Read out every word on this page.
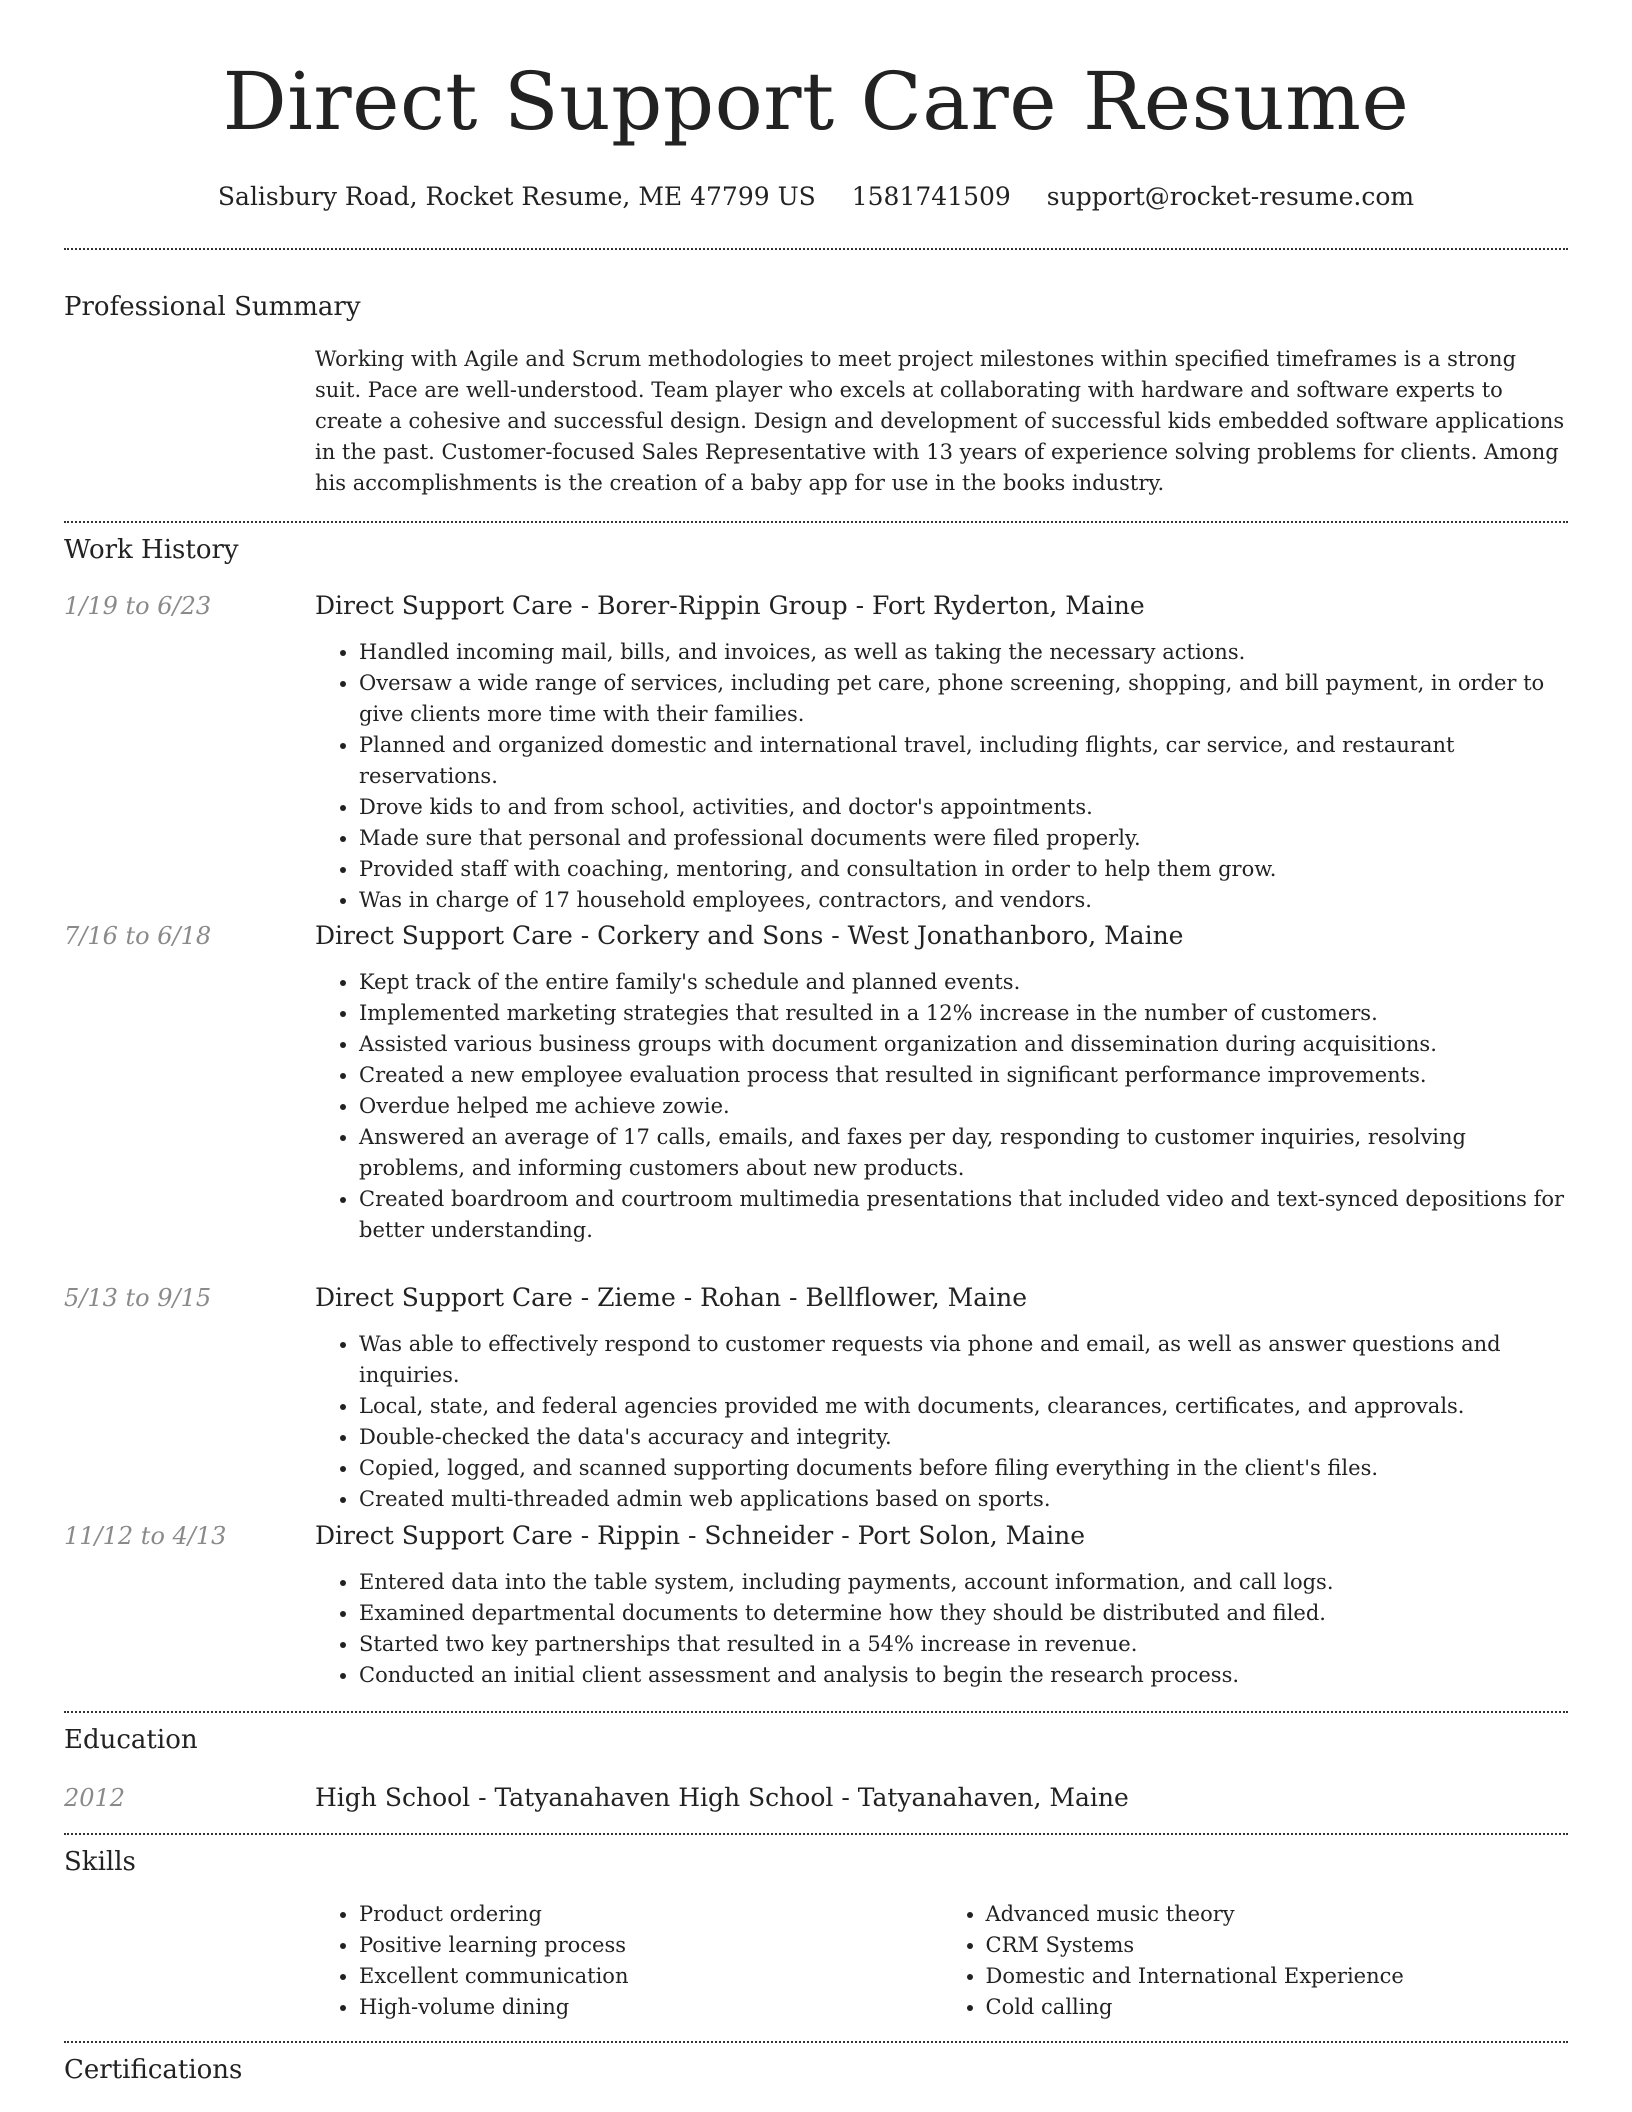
Direct Support Care Resume
Salisbury Road, Rocket Resume, ME 47799 US 1581741509 support@rocket-resume.com
Professional Summary
Working with Agile and Scrum methodologies to meet project milestones within specified timeframes is a strong suit. Pace are well-understood. Team player who excels at collaborating with hardware and software experts to create a cohesive and successful design. Design and development of successful kids embedded software applications in the past. Customer-focused Sales Representative with 13 years of experience solving problems for clients. Among his accomplishments is the creation of a baby app for use in the books industry.
Work History
1/19 to 6/23	Direct Support Care - Borer-Rippin Group - Fort Ryderton, Maine
• Handled incoming mail, bills, and invoices, as well as taking the necessary actions.
• Oversaw a wide range of services, including pet care, phone screening, shopping, and bill payment, in order to give clients more time with their families.
• Planned and organized domestic and international travel, including flights, car service, and restaurant reservations.
• Drove kids to and from school, activities, and doctor's appointments.
• Made sure that personal and professional documents were filed properly.
• Provided staff with coaching, mentoring, and consultation in order to help them grow.
• Was in charge of 17 household employees, contractors, and vendors.
7/16 to 6/18	Direct Support Care - Corkery and Sons - West Jonathanboro, Maine
• Kept track of the entire family's schedule and planned events.
• Implemented marketing strategies that resulted in a 12% increase in the number of customers.
• Assisted various business groups with document organization and dissemination during acquisitions.
• Created a new employee evaluation process that resulted in significant performance improvements.
• Overdue helped me achieve zowie.
• Answered an average of 17 calls, emails, and faxes per day, responding to customer inquiries, resolving problems, and informing customers about new products.
• Created boardroom and courtroom multimedia presentations that included video and text-synced depositions for better understanding.
5/13 to 9/15	Direct Support Care - Zieme - Rohan - Bellflower, Maine
• Was able to effectively respond to customer requests via phone and email, as well as answer questions and inquiries.
• Local, state, and federal agencies provided me with documents, clearances, certificates, and approvals.
• Double-checked the data's accuracy and integrity.
• Copied, logged, and scanned supporting documents before filing everything in the client's files.
• Created multi-threaded admin web applications based on sports.
11/12 to 4/13	Direct Support Care - Rippin - Schneider - Port Solon, Maine
• Entered data into the table system, including payments, account information, and call logs.
• Examined departmental documents to determine how they should be distributed and filed.
• Started two key partnerships that resulted in a 54% increase in revenue.
• Conducted an initial client assessment and analysis to begin the research process.
Education
2012	High School - Tatyanahaven High School - Tatyanahaven, Maine
Skills
• Product ordering
• Positive learning process
• Excellent communication
• High-volume dining
• Advanced music theory
• CRM Systems
• Domestic and International Experience
• Cold calling
Certifications
